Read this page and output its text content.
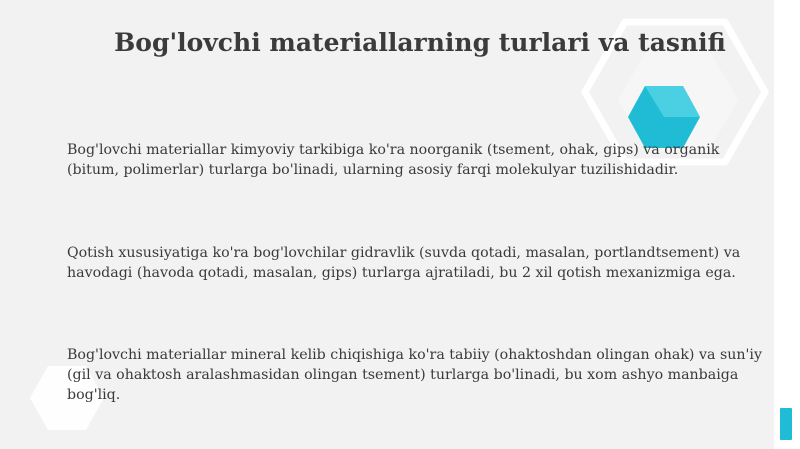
Bog'lovchi materiallarning turlari va tasnifi

Bog'lovchi materiallar kimyoviy tarkibiga ko'ra noorganik (tsement, ohak, gips) va organik (bitum, polimerlar) turlarga bo'linadi, ularning asosiy farqi molekulyar tuzilishidadir.

Qotish xususiyatiga ko'ra bog'lovchilar gidravlik (suvda qotadi, masalan, portlandtsement) va havodagi (havoda qotadi, masalan, gips) turlarga ajratiladi, bu 2 xil qotish mexanizmiga ega.

Bog'lovchi materiallar mineral kelib chiqishiga ko'ra tabiiy (ohaktoshdan olingan ohak) va sun'iy (gil va ohaktosh aralashmasidan olingan tsement) turlarga bo'linadi, bu xom ashyo manbaiga bog'liq.
